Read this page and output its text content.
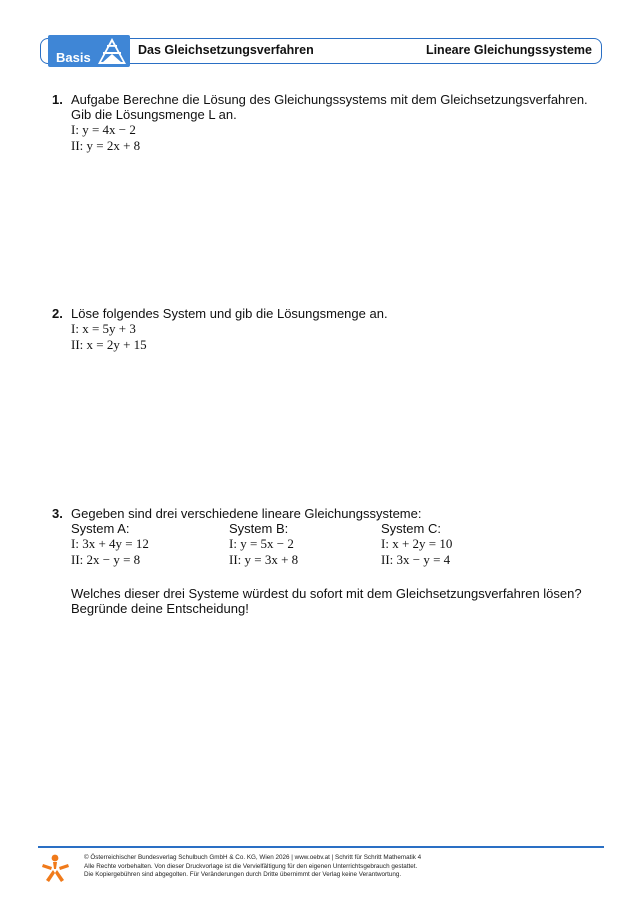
Basis	Das Gleichsetzungsverfahren	Lineare Gleichungssysteme
1. Aufgabe Berechne die Lösung des Gleichungssystems mit dem Gleichsetzungsverfahren. Gib die Lösungsmenge L an.
I: y = 4x − 2
II: y = 2x + 8
2. Löse folgendes System und gib die Lösungsmenge an.
I: x = 5y + 3
II: x = 2y + 15
3. Gegeben sind drei verschiedene lineare Gleichungssysteme:
System A:
I: 3x + 4y = 12
II: 2x − y = 8
System B:
I: y = 5x − 2
II: y = 3x + 8
System C:
I: x + 2y = 10
II: 3x − y = 4
Welches dieser drei Systeme würdest du sofort mit dem Gleichsetzungsverfahren lösen?
Begründe deine Entscheidung!
© Österreichischer Bundesverlag Schulbuch GmbH & Co. KG, Wien 2026 | www.oebv.at | Schritt für Schritt Mathematik 4
Alle Rechte vorbehalten. Von dieser Druckvorlage ist die Vervielfältigung für den eigenen Unterrichtsgebrauch gestattet.
Die Kopiergebühren sind abgegolten. Für Veränderungen durch Dritte übernimmt der Verlag keine Verantwortung.
